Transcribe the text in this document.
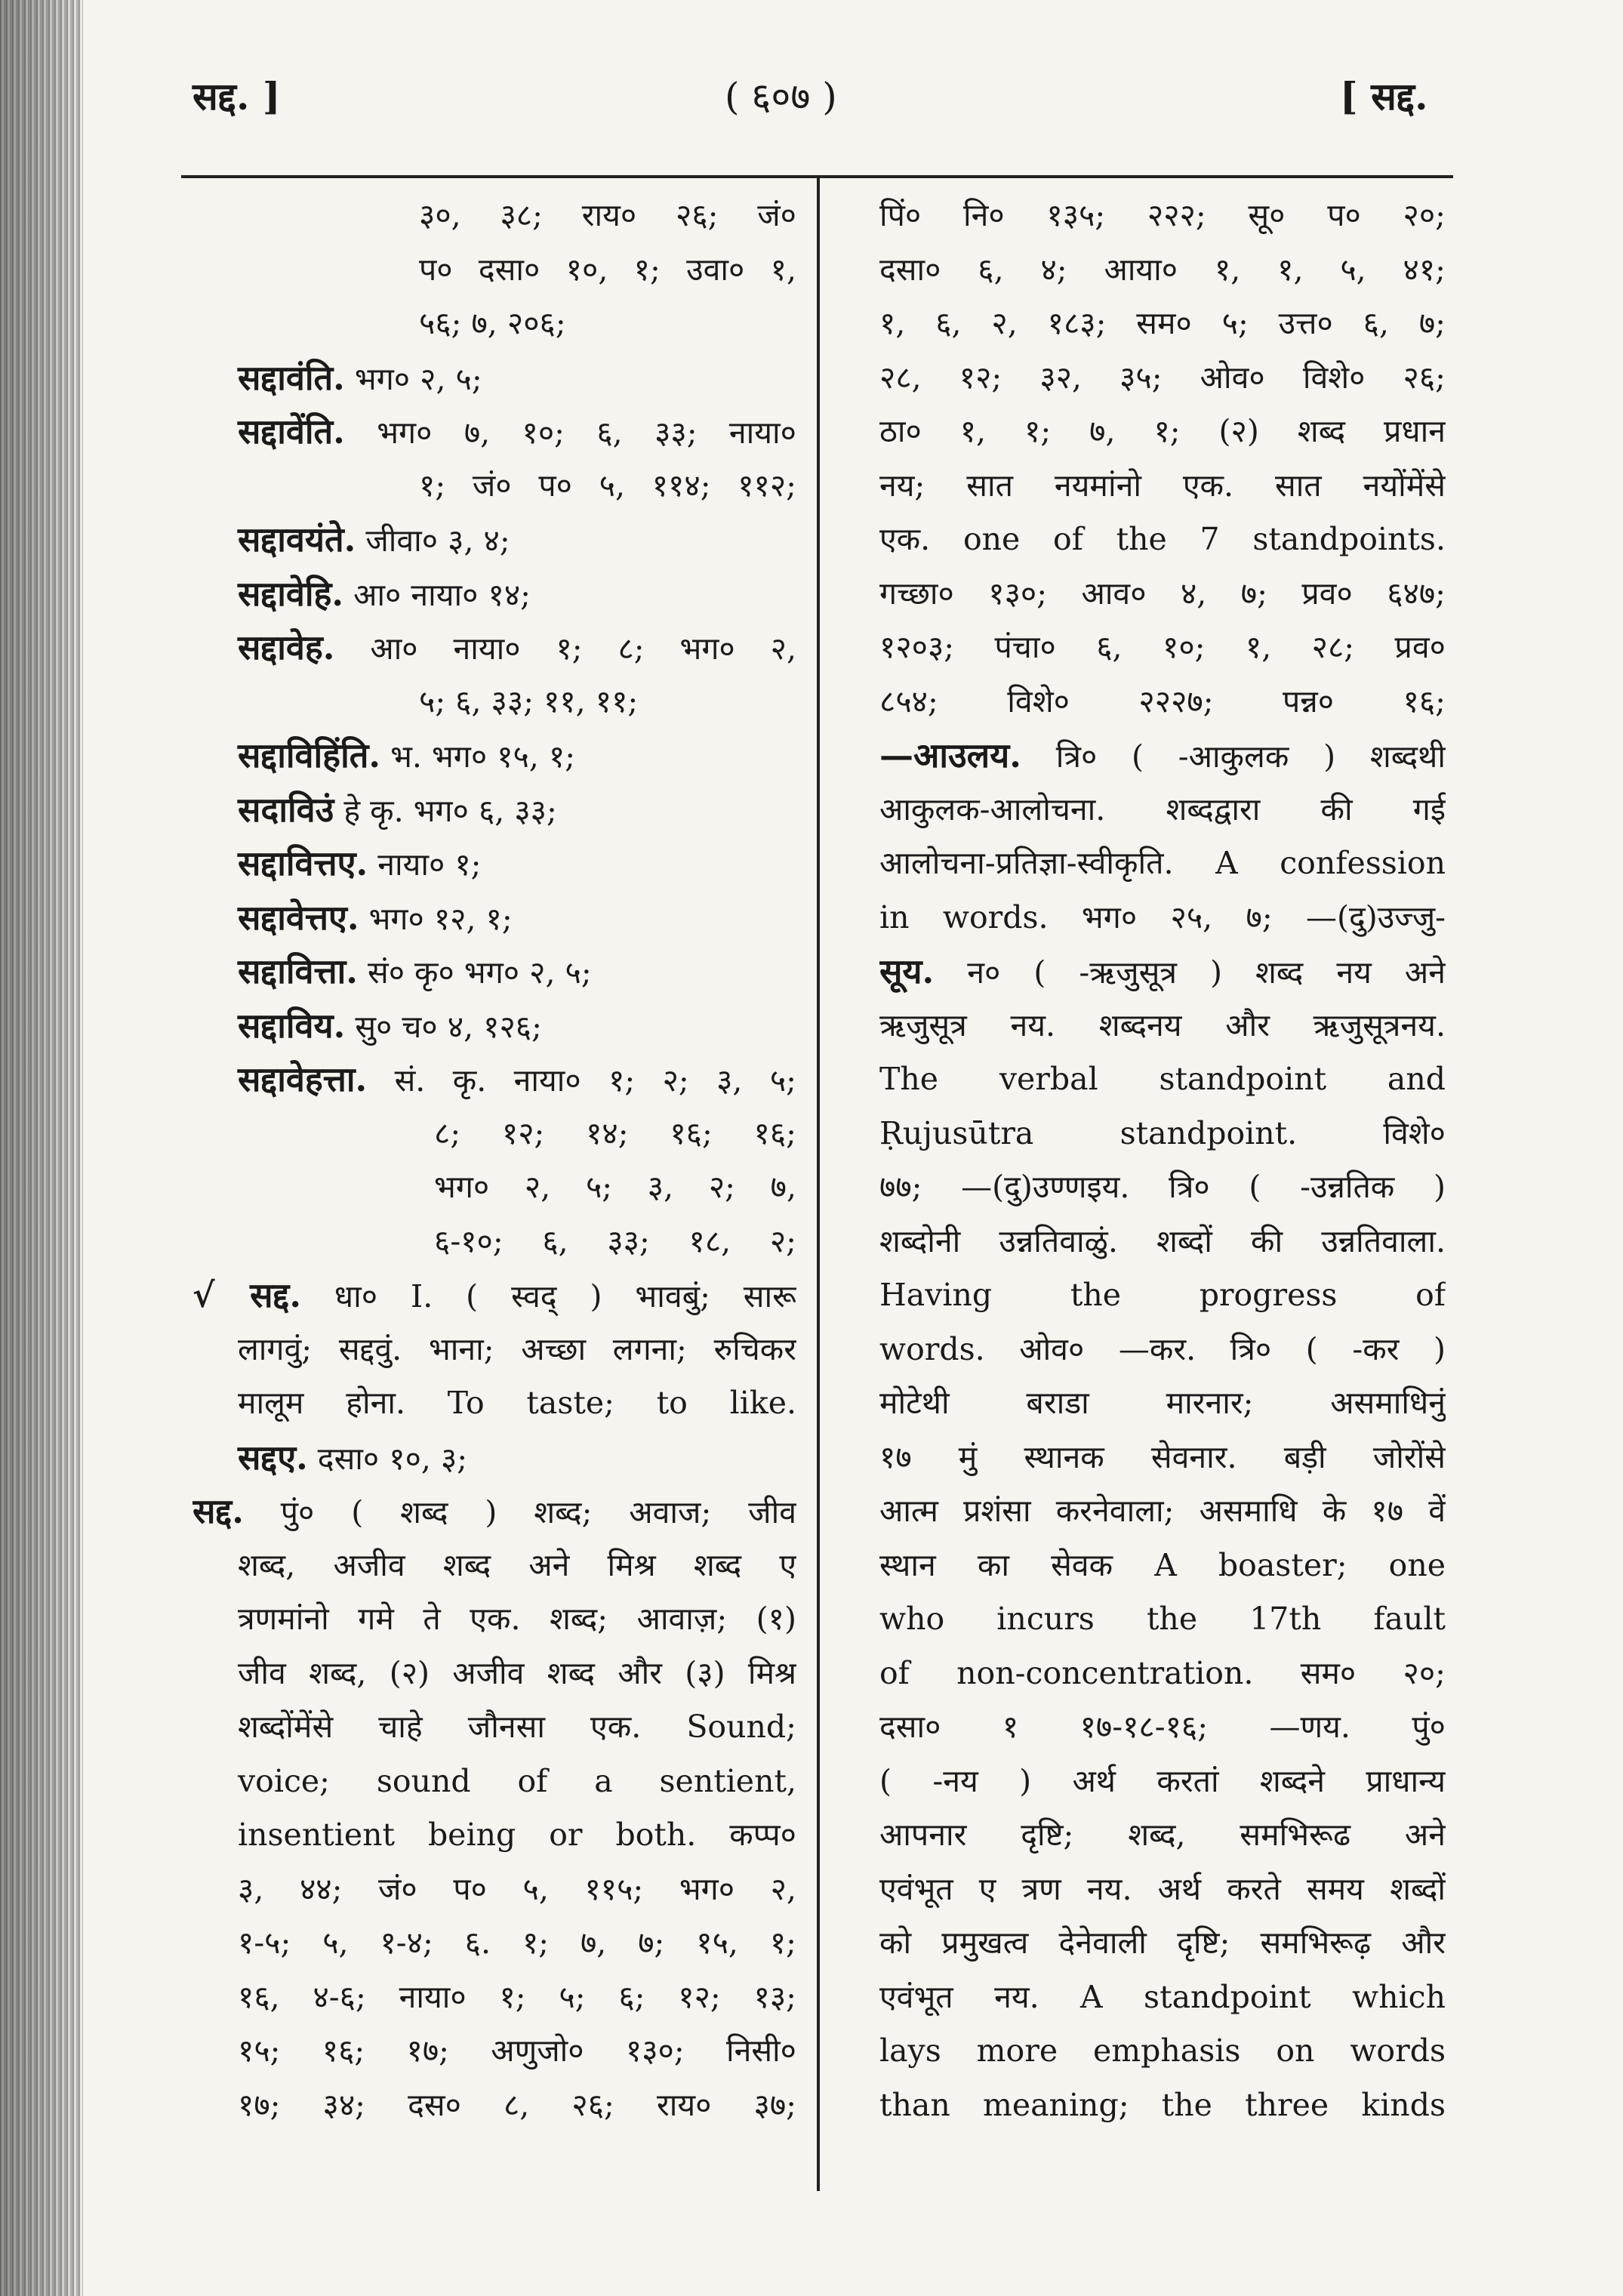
सद्द. ]	( ६०७ )	[ सद्द.
३०, ३८; राय० २६; जं०
प० दसा० १०, १; उवा० १,
५६; ७, २०६;
सद्दावंति. भग० २, ५;
सद्दावेंति. भग० ७, १०; ६, ३३; नाया०
१; जं० प० ५, ११४; ११२;
सद्दावयंते. जीवा० ३, ४;
सद्दावेहि. आ० नाया० १४;
सद्दावेह. आ० नाया० १; ८; भग० २,
५; ६, ३३; ११, ११;
सद्दाविहिंति. भ. भग० १५, १;
सदाविउं हे कृ. भग० ६, ३३;
सद्दावित्तए. नाया० १;
सद्दावेत्तए. भग० १२, १;
सद्दावित्ता. सं० कृ० भग० २, ५;
सद्दाविय. सु० च० ४, १२६;
सद्दावेहत्ता. सं. कृ. नाया० १; २; ३, ५;
८; १२; १४; १६; १६;
भग० २, ५; ३, २; ७,
६-१०; ६, ३३; १८, २;
√ सद्द. धा० I. ( स्वद् ) भावबुं; सारू
लागवुं; सद्दवुं. भाना; अच्छा लगना; रुचिकर
मालूम होना. To taste; to like.
सद्दए. दसा० १०, ३;
सद्द. पुं० ( शब्द ) शब्द; अवाज; जीव
शब्द, अजीव शब्द अने मिश्र शब्द ए
त्रणमांनो गमे ते एक. शब्द; आवाज़; (१)
जीव शब्द, (२) अजीव शब्द और (३) मिश्र
शब्दोंमेंसे चाहे जौनसा एक. Sound;
voice; sound of a sentient,
insentient being or both. कप्प०
३, ४४; जं० प० ५, ११५; भग० २,
१-५; ५, १-४; ६. १; ७, ७; १५, १;
१६, ४-६; नाया० १; ५; ६; १२; १३;
१५; १६; १७; अणुजो० १३०; निसी०
१७; ३४; दस० ८, २६; राय० ३७;
पिं० नि० १३५; २२२; सू० प० २०;
दसा० ६, ४; आया० १, १, ५, ४१;
१, ६, २, १८३; सम० ५; उत्त० ६, ७;
२८, १२; ३२, ३५; ओव० विशे० २६;
ठा० १, १; ७, १; (२) शब्द प्रधान
नय; सात नयमांनो एक. सात नयोंमेंसे
एक. one of the 7 standpoints.
गच्छा० १३०; आव० ४, ७; प्रव० ६४७;
१२०३; पंचा० ६, १०; १, २८; प्रव०
८५४; विशे० २२२७; पन्न० १६;
—आउलय. त्रि० ( -आकुलक ) शब्दथी
आकुलक-आलोचना. शब्दद्वारा की गई
आलोचना-प्रतिज्ञा-स्वीकृति. A confession
in words. भग० २५, ७; —(दु)उज्जु-
सूय. न० ( -ऋजुसूत्र ) शब्द नय अने
ऋजुसूत्र नय. शब्दनय और ऋजुसूत्रनय.
The verbal standpoint and
Ṛujusūtra standpoint. विशे०
७७; —(दु)उण्णइय. त्रि० ( -उन्नतिक )
शब्दोनी उन्नतिवाळुं. शब्दों की उन्नतिवाला.
Having the progress of
words. ओव० —कर. त्रि० ( -कर )
मोटेथी बराडा मारनार; असमाधिनुं
१७ मुं स्थानक सेवनार. बड़ी जोरोंसे
आत्म प्रशंसा करनेवाला; असमाधि के १७ वें
स्थान का सेवक A boaster; one
who incurs the 17th fault
of non-concentration. सम० २०;
दसा० १ १७-१८-१६; —णय. पुं०
( -नय ) अर्थ करतां शब्दने प्राधान्य
आपनार दृष्टि; शब्द, समभिरूढ अने
एवंभूत ए त्रण नय. अर्थ करते समय शब्दों
को प्रमुखत्व देनेवाली दृष्टि; समभिरूढ़ और
एवंभूत नय. A standpoint which
lays more emphasis on words
than meaning; the three kinds
